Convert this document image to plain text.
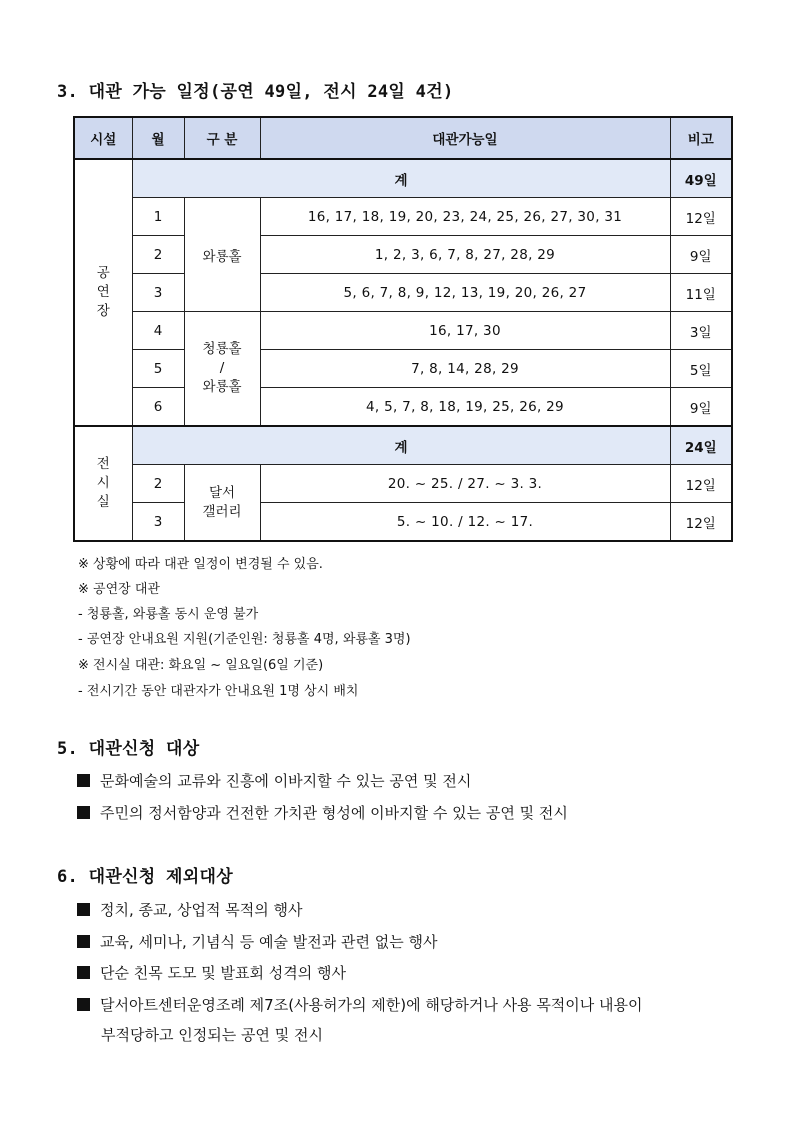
3. 대관 가능 일정(공연 49일, 전시 24일 4건)
시설	월	구 분	대관가능일	비고
공
연
장	계			49일
	1	와룡홀	16, 17, 18, 19, 20, 23, 24, 25, 26, 27, 30, 31	12일
	2		1, 2, 3, 6, 7, 8, 27, 28, 29	9일
	3		5, 6, 7, 8, 9, 12, 13, 19, 20, 26, 27	11일
	4	청룡홀
/
와룡홀	16, 17, 30	3일
	5		7, 8, 14, 28, 29	5일
	6		4, 5, 7, 8, 18, 19, 25, 26, 29	9일
전
시
실	계			24일
	2	달서
갤러리	20. ~ 25. / 27. ~ 3. 3.	12일
	3		5. ~ 10. / 12. ~ 17.	12일
※ 상황에 따라 대관 일정이 변경될 수 있음.
※ 공연장 대관
- 청룡홀, 와룡홀 동시 운영 불가
- 공연장 안내요원 지원(기준인원: 청룡홀 4명, 와룡홀 3명)
※ 전시실 대관: 화요일 ~ 일요일(6일 기준)
- 전시기간 동안 대관자가 안내요원 1명 상시 배치
5. 대관신청 대상
문화예술의 교류와 진흥에 이바지할 수 있는 공연 및 전시
주민의 정서함양과 건전한 가치관 형성에 이바지할 수 있는 공연 및 전시
6. 대관신청 제외대상
정치, 종교, 상업적 목적의 행사
교육, 세미나, 기념식 등 예술 발전과 관련 없는 행사
단순 친목 도모 및 발표회 성격의 행사
달서아트센터운영조례 제7조(사용허가의 제한)에 해당하거나 사용 목적이나 내용이
부적당하고 인정되는 공연 및 전시
